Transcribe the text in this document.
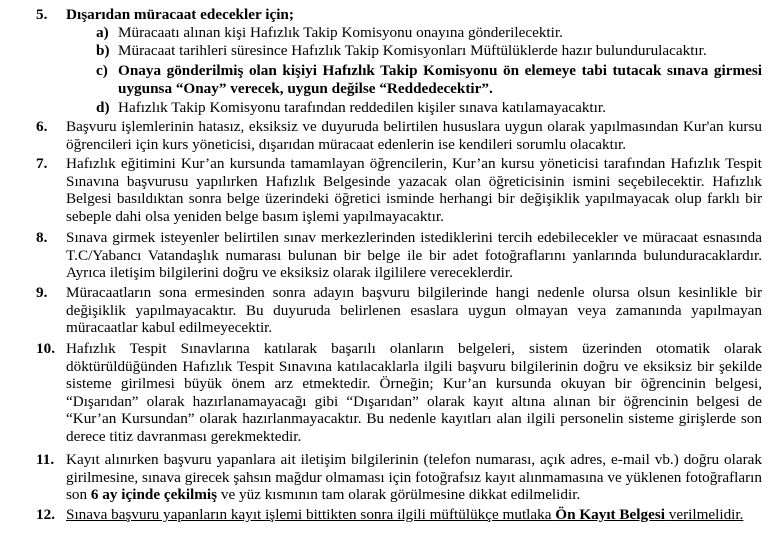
5.	Dışarıdan müracaat edecekler için;
a) Müracaatı alınan kişi Hafızlık Takip Komisyonu onayına gönderilecektir.
b) Müracaat tarihleri süresince Hafızlık Takip Komisyonları Müftülüklerde hazır bulundurulacaktır.
c) Onaya gönderilmiş olan kişiyi Hafızlık Takip Komisyonu ön elemeye tabi tutacak sınava girmesi uygunsa “Onay” verecek, uygun değilse “Reddedecektir”.
d) Hafızlık Takip Komisyonu tarafından reddedilen kişiler sınava katılamayacaktır.
6.	Başvuru işlemlerinin hatasız, eksiksiz ve duyuruda belirtilen hususlara uygun olarak yapılmasından Kur'an kursu öğrencileri için kurs yöneticisi, dışarıdan müracaat edenlerin ise kendileri sorumlu olacaktır.
7.	Hafızlık eğitimini Kur’an kursunda tamamlayan öğrencilerin, Kur’an kursu yöneticisi tarafından Hafızlık Tespit Sınavına başvurusu yapılırken Hafızlık Belgesinde yazacak olan öğreticisinin ismini seçebilecektir. Hafızlık Belgesi basıldıktan sonra belge üzerindeki öğretici isminde herhangi bir değişiklik yapılmayacak olup farklı bir sebeple dahi olsa yeniden belge basım işlemi yapılmayacaktır.
8.	Sınava girmek isteyenler belirtilen sınav merkezlerinden istediklerini tercih edebilecekler ve müracaat esnasında T.C/Yabancı Vatandaşlık numarası bulunan bir belge ile bir adet fotoğraflarını yanlarında bulunduracaklardır. Ayrıca iletişim bilgilerini doğru ve eksiksiz olarak ilgililere vereceklerdir.
9.	Müracaatların sona ermesinden sonra adayın başvuru bilgilerinde hangi nedenle olursa olsun kesinlikle bir değişiklik yapılmayacaktır. Bu duyuruda belirlenen esaslara uygun olmayan veya zamanında yapılmayan müracaatlar kabul edilmeyecektir.
10. Hafızlık Tespit Sınavlarına katılarak başarılı olanların belgeleri, sistem üzerinden otomatik olarak döktürüldüğünden Hafızlık Tespit Sınavına katılacaklarla ilgili başvuru bilgilerinin doğru ve eksiksiz bir şekilde sisteme girilmesi büyük önem arz etmektedir. Örneğin; Kur’an kursunda okuyan bir öğrencinin belgesi, “Dışarıdan” olarak hazırlanamayacağı gibi “Dışarıdan” olarak kayıt altına alınan bir öğrencinin belgesi de “Kur’an Kursundan” olarak hazırlanmayacaktır. Bu nedenle kayıtları alan ilgili personelin sisteme girişlerde son derece titiz davranması gerekmektedir.
11. Kayıt alınırken başvuru yapanlara ait iletişim bilgilerinin (telefon numarası, açık adres, e-mail vb.) doğru olarak girilmesine, sınava girecek şahsın mağdur olmaması için fotoğrafsız kayıt alınmamasına ve yüklenen fotoğrafların son 6 ay içinde çekilmiş ve yüz kısmının tam olarak görülmesine dikkat edilmelidir.
12. Sınava başvuru yapanların kayıt işlemi bittikten sonra ilgili müftülükçe mutlaka Ön Kayıt Belgesi verilmelidir.
